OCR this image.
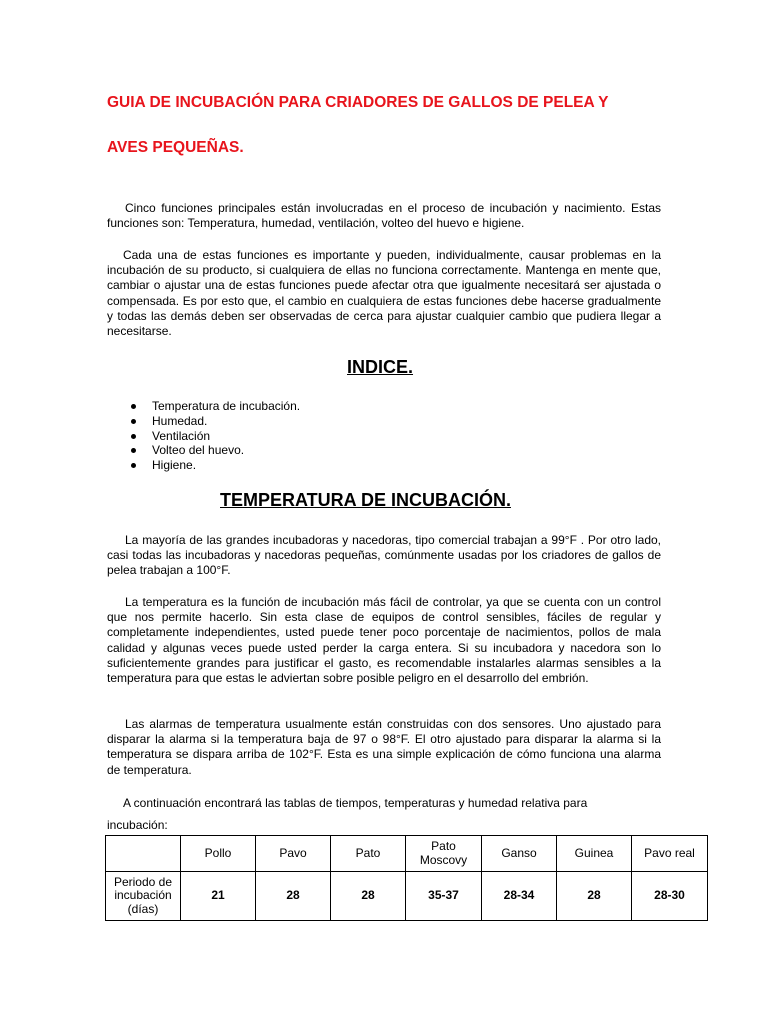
GUIA DE INCUBACIÓN PARA CRIADORES DE GALLOS DE PELEA Y

AVES PEQUEÑAS.

Cinco funciones principales están involucradas en el proceso de incubación y nacimiento. Estas funciones son: Temperatura, humedad, ventilación, volteo del huevo e higiene.

Cada una de estas funciones es importante y pueden, individualmente, causar problemas en la incubación de su producto, si cualquiera de ellas no funciona correctamente. Mantenga en mente que, cambiar o ajustar una de estas funciones puede afectar otra que igualmente necesitará ser ajustada o compensada. Es por esto que, el cambio en cualquiera de estas funciones debe hacerse gradualmente y todas las demás deben ser observadas de cerca para ajustar cualquier cambio que pudiera llegar a necesitarse.

INDICE.

Temperatura de incubación.
Humedad.
Ventilación
Volteo del huevo.
Higiene.

TEMPERATURA DE INCUBACIÓN.

La mayoría de las grandes incubadoras y nacedoras, tipo comercial trabajan a 99°F . Por otro lado, casi todas las incubadoras y nacedoras pequeñas, comúnmente usadas por los criadores de gallos de pelea trabajan a 100°F.

La temperatura es la función de incubación más fácil de controlar, ya que se cuenta con un control que nos permite hacerlo. Sin esta clase de equipos de control sensibles, fáciles de regular y completamente independientes, usted puede tener poco porcentaje de nacimientos, pollos de mala calidad y algunas veces puede usted perder la carga entera. Si su incubadora y nacedora son lo suficientemente grandes para justificar el gasto, es recomendable instalarles alarmas sensibles a la temperatura para que estas le adviertan sobre posible peligro en el desarrollo del embrión.

Las alarmas de temperatura usualmente están construidas con dos sensores. Uno ajustado para disparar la alarma si la temperatura baja de 97 o 98°F. El otro ajustado para disparar la alarma si la temperatura se dispara arriba de 102°F. Esta es una simple explicación de cómo funciona una alarma de temperatura.

A continuación encontrará las tablas de tiempos, temperaturas y humedad relativa para

incubación:

	Pollo	Pavo	Pato	Pato Moscovy	Ganso	Guinea	Pavo real
Periodo de incubación (días)	21	28	28	35-37	28-34	28	28-30
